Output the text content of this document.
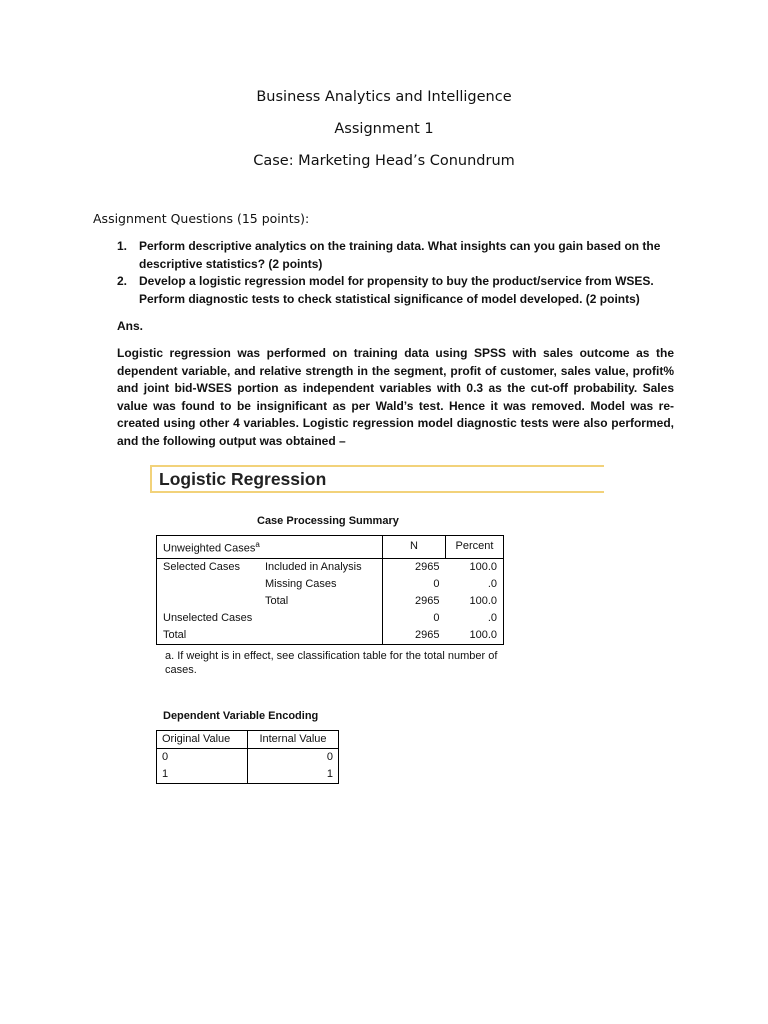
Business Analytics and Intelligence
Assignment 1
Case: Marketing Head’s Conundrum
Assignment Questions (15 points):
1. Perform descriptive analytics on the training data. What insights can you gain based on the descriptive statistics? (2 points)
2. Develop a logistic regression model for propensity to buy the product/service from WSES. Perform diagnostic tests to check statistical significance of model developed. (2 points)
Ans.
Logistic regression was performed on training data using SPSS with sales outcome as the dependent variable, and relative strength in the segment, profit of customer, sales value, profit% and joint bid-WSES portion as independent variables with 0.3 as the cut-off probability. Sales value was found to be insignificant as per Wald’s test. Hence it was removed. Model was re-created using other 4 variables. Logistic regression model diagnostic tests were also performed, and the following output was obtained –
Logistic Regression
Case Processing Summary
Unweighted Cases$^a$		N	Percent
Selected Cases	Included in Analysis	2965	100.0
	Missing Cases	0	.0
	Total	2965	100.0
Unselected Cases		0	.0
Total		2965	100.0
a. If weight is in effect, see classification table for the total number of cases.
Dependent Variable Encoding
Original Value	Internal Value
0	0
1	1
